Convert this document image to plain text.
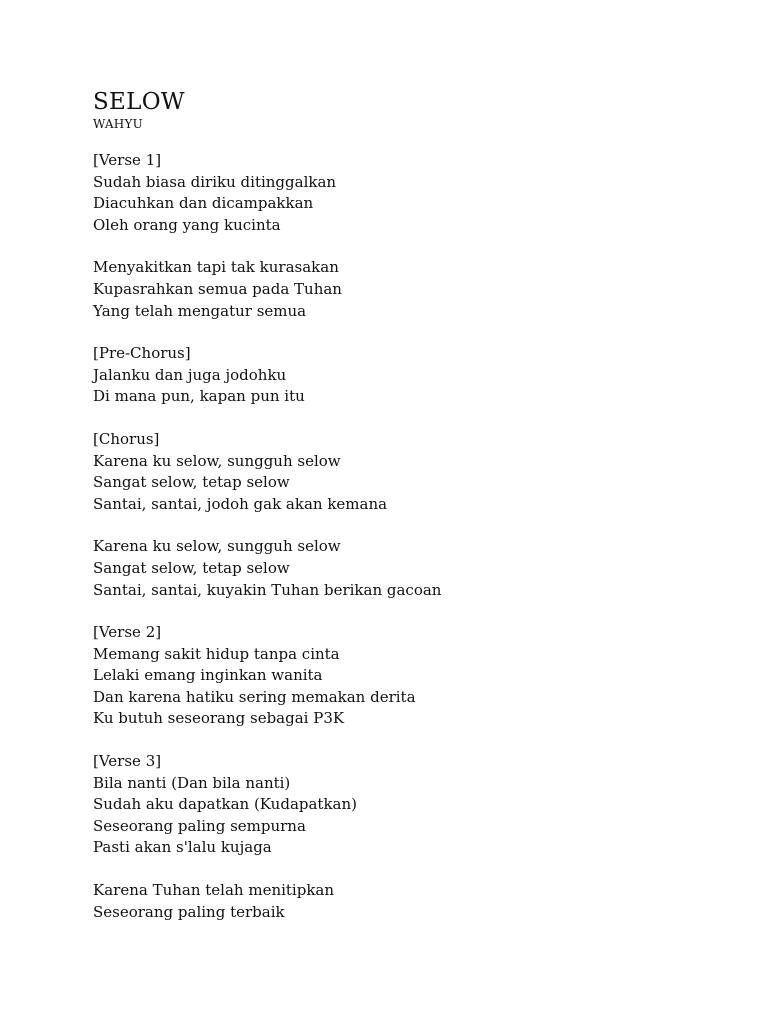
SELOW
WAHYU
[Verse 1]
Sudah biasa diriku ditinggalkan
Diacuhkan dan dicampakkan
Oleh orang yang kucinta
Menyakitkan tapi tak kurasakan
Kupasrahkan semua pada Tuhan
Yang telah mengatur semua
[Pre-Chorus]
Jalanku dan juga jodohku
Di mana pun, kapan pun itu
[Chorus]
Karena ku selow, sungguh selow
Sangat selow, tetap selow
Santai, santai, jodoh gak akan kemana
Karena ku selow, sungguh selow
Sangat selow, tetap selow
Santai, santai, kuyakin Tuhan berikan gacoan
[Verse 2]
Memang sakit hidup tanpa cinta
Lelaki emang inginkan wanita
Dan karena hatiku sering memakan derita
Ku butuh seseorang sebagai P3K
[Verse 3]
Bila nanti (Dan bila nanti)
Sudah aku dapatkan (Kudapatkan)
Seseorang paling sempurna
Pasti akan s'lalu kujaga
Karena Tuhan telah menitipkan
Seseorang paling terbaik
